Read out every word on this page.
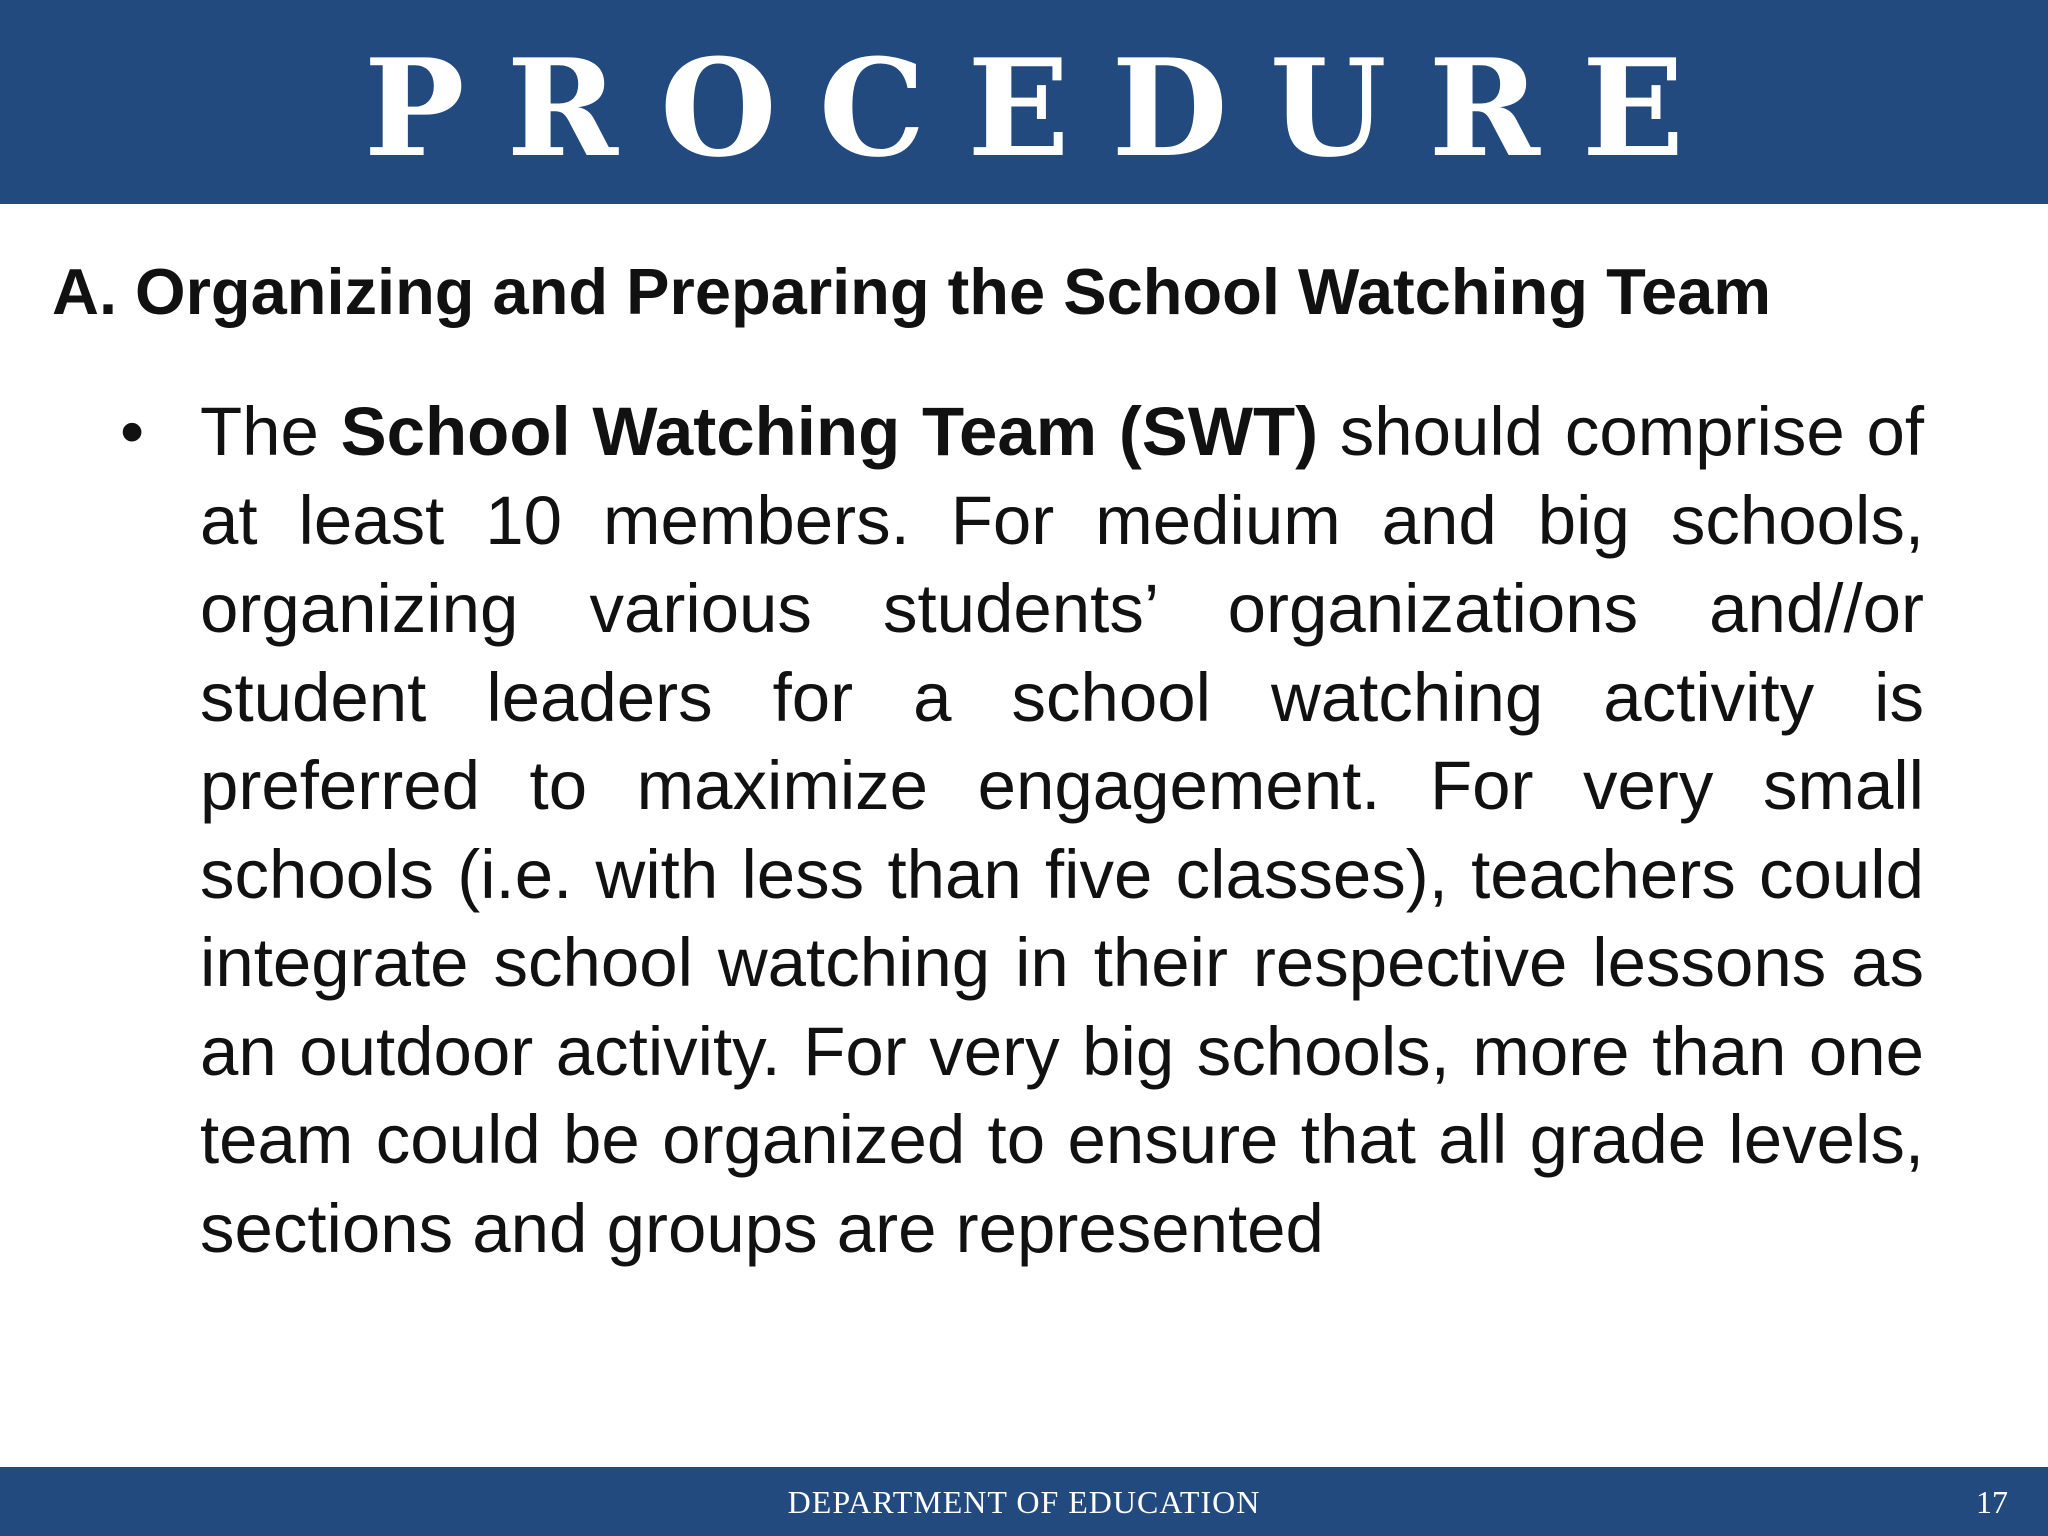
PROCEDURE
A. Organizing and Preparing the School Watching Team
• The School Watching Team (SWT) should comprise of at least 10 members. For medium and big schools, organizing various students’ organizations and//or student leaders for a school watching activity is preferred to maximize engagement. For very small schools (i.e. with less than five classes), teachers could integrate school watching in their respective lessons as an outdoor activity. For very big schools, more than one team could be organized to ensure that all grade levels, sections and groups are represented

DEPARTMENT OF EDUCATION	17
